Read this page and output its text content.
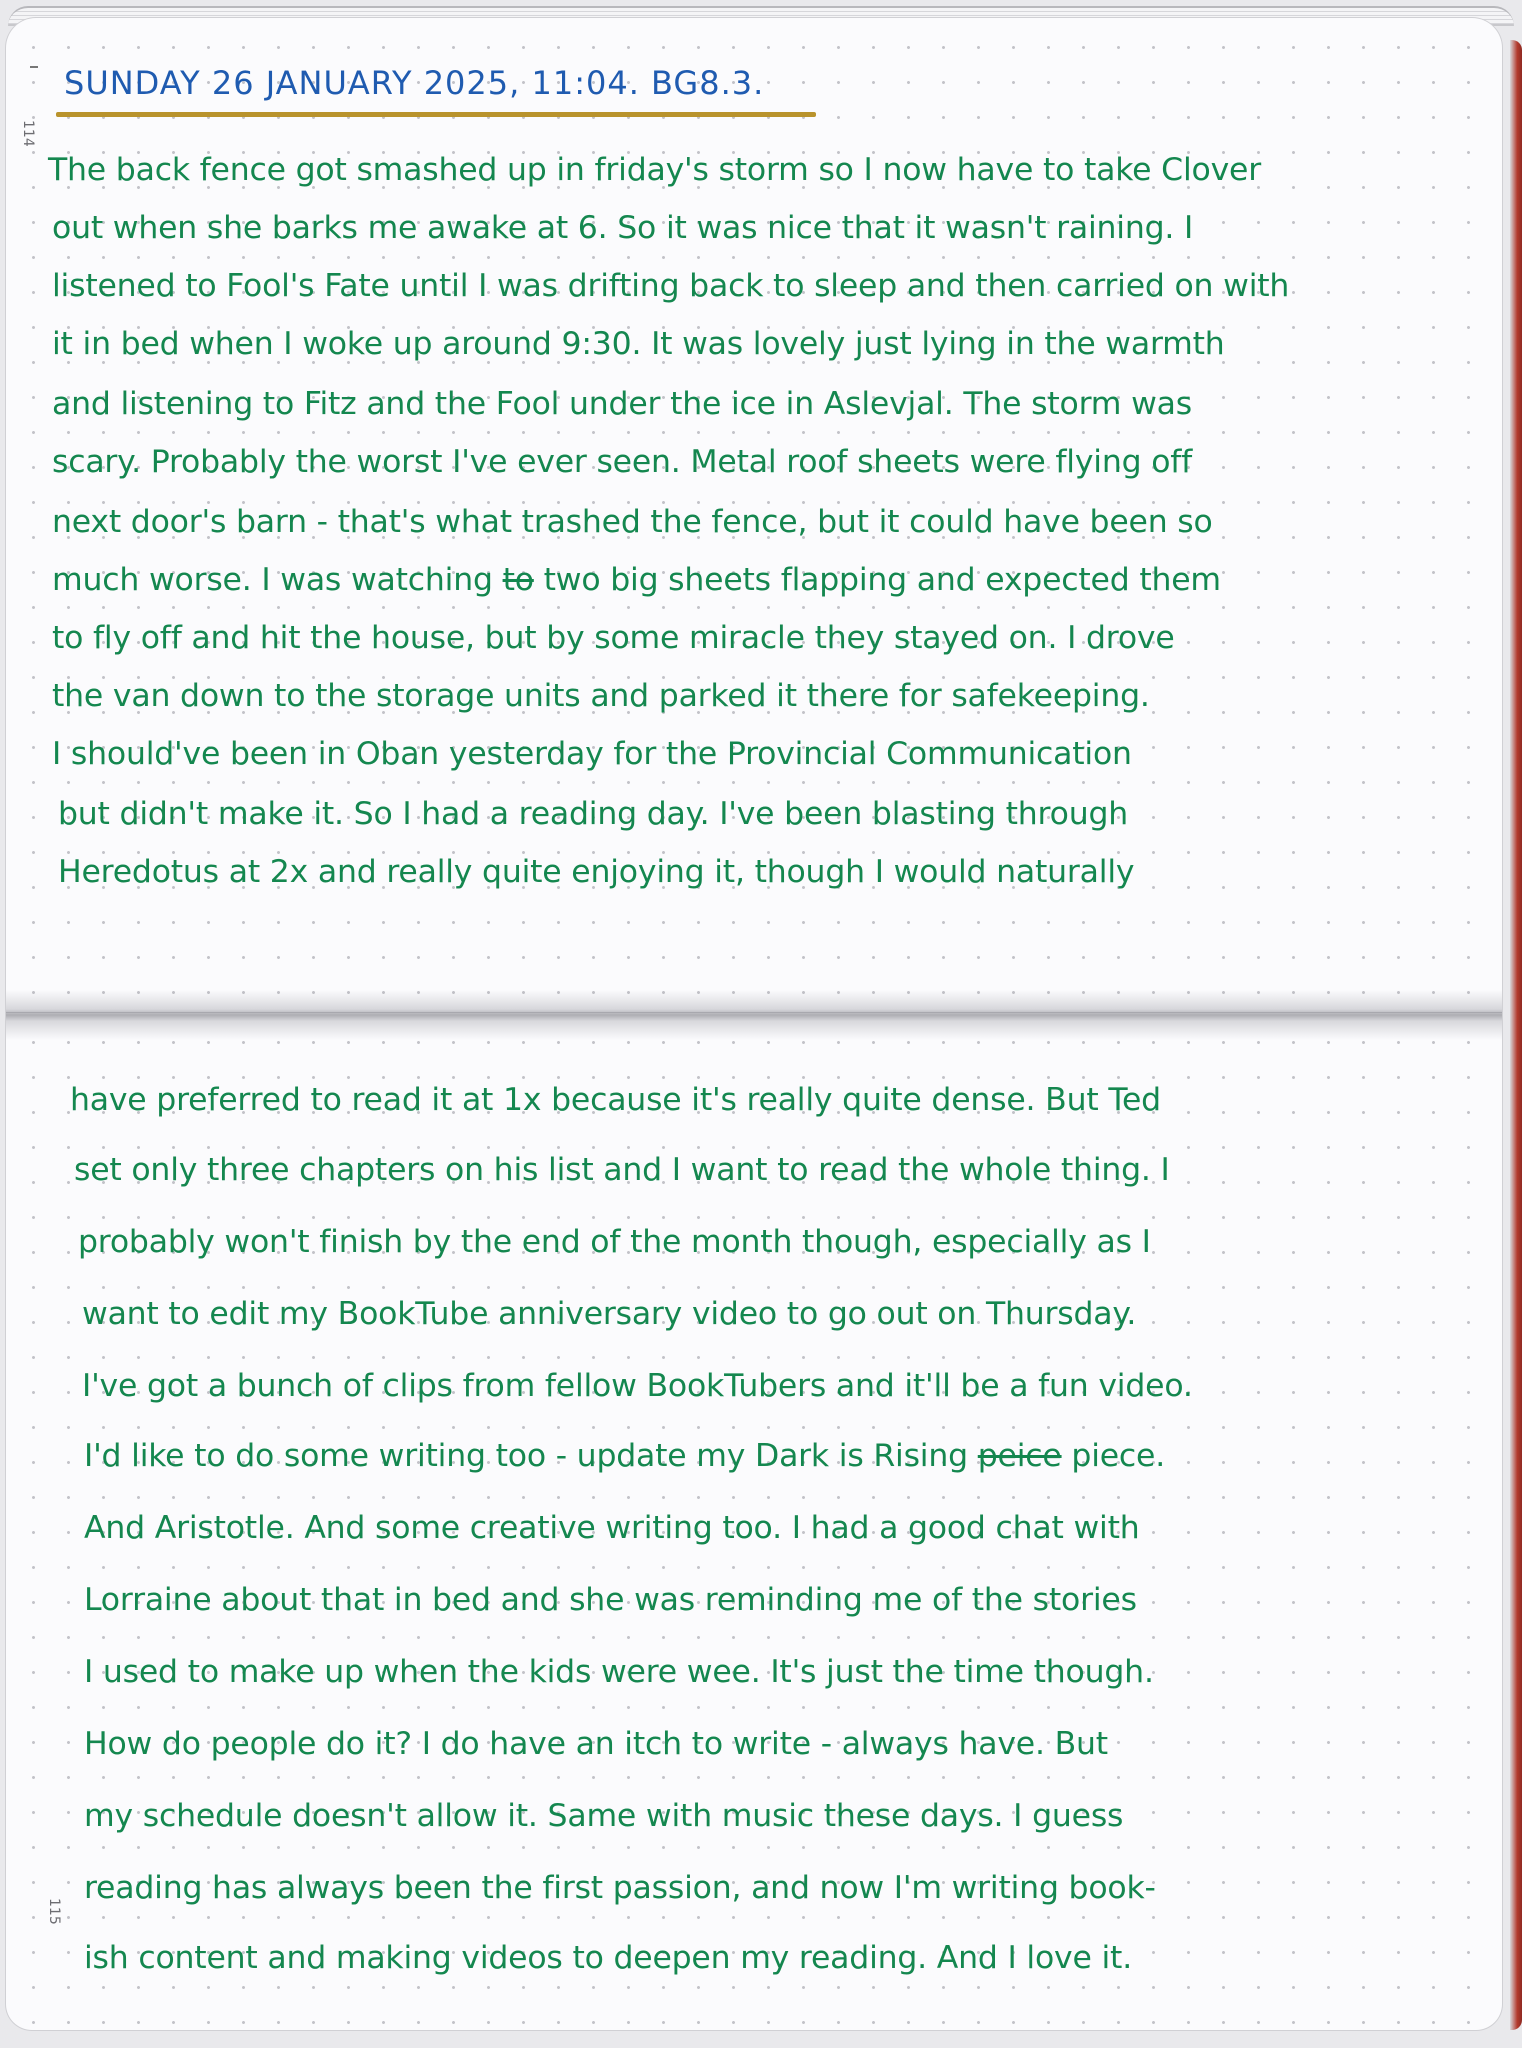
114
115
SUNDAY 26 JANUARY 2025, 11:04. BG8.3.
The back fence got smashed up in friday's storm so I now have to take Clover
out when she barks me awake at 6. So it was nice that it wasn't raining. I
listened to Fool's Fate until I was drifting back to sleep and then carried on with
it in bed when I woke up around 9:30. It was lovely just lying in the warmth
and listening to Fitz and the Fool under the ice in Aslevjal. The storm was
scary. Probably the worst I've ever seen. Metal roof sheets were flying off
next door's barn - that's what trashed the fence, but it could have been so
much worse. I was watching to two big sheets flapping and expected them
to fly off and hit the house, but by some miracle they stayed on. I drove
the van down to the storage units and parked it there for safekeeping.
I should've been in Oban yesterday for the Provincial Communication
but didn't make it. So I had a reading day. I've been blasting through
Heredotus at 2x and really quite enjoying it, though I would naturally
have preferred to read it at 1x because it's really quite dense. But Ted
set only three chapters on his list and I want to read the whole thing. I
probably won't finish by the end of the month though, especially as I
want to edit my BookTube anniversary video to go out on Thursday.
I've got a bunch of clips from fellow BookTubers and it'll be a fun video.
I'd like to do some writing too - update my Dark is Rising peice piece.
And Aristotle. And some creative writing too. I had a good chat with
Lorraine about that in bed and she was reminding me of the stories
I used to make up when the kids were wee. It's just the time though.
How do people do it? I do have an itch to write - always have. But
my schedule doesn't allow it. Same with music these days. I guess
reading has always been the first passion, and now I'm writing book-
ish content and making videos to deepen my reading. And I love it.
